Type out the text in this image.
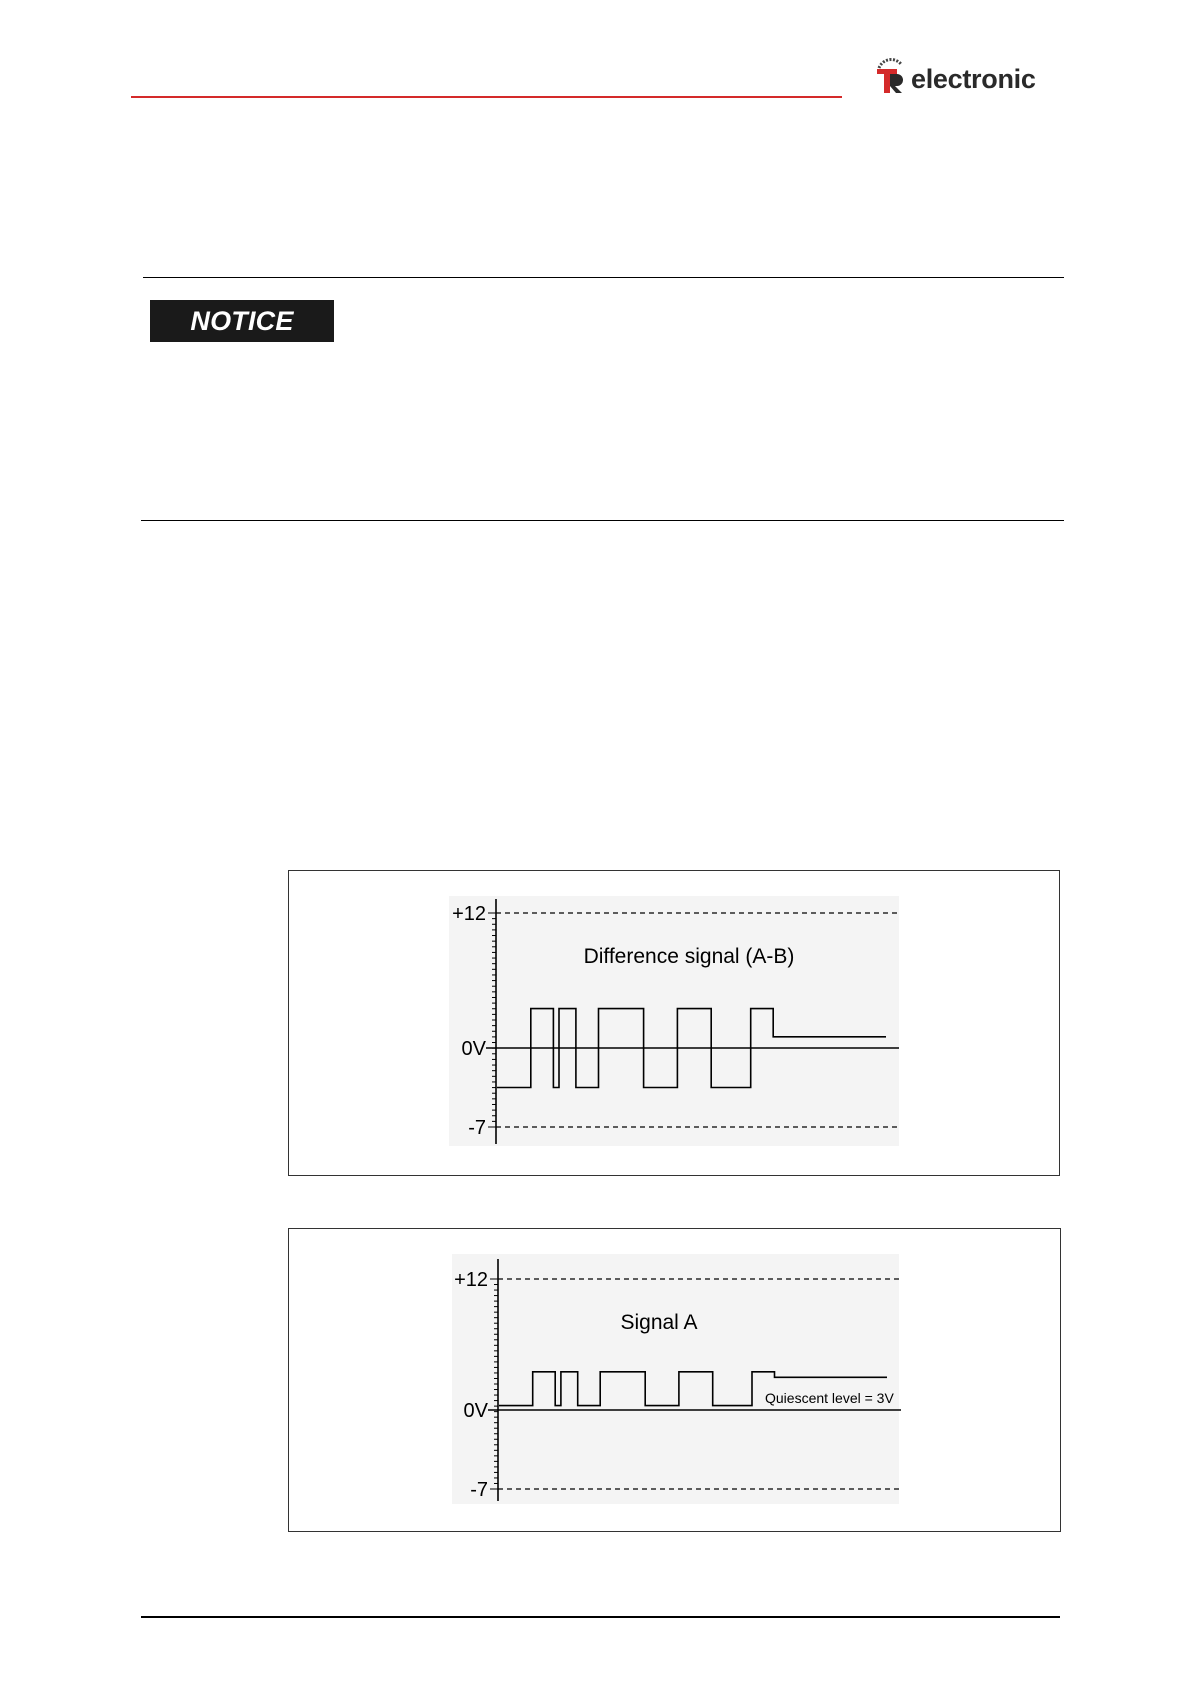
electronic
NOTICE
+12
0V
-7
Difference signal (A-B)
+12
0V
-7
Signal A
Quiescent level = 3V
